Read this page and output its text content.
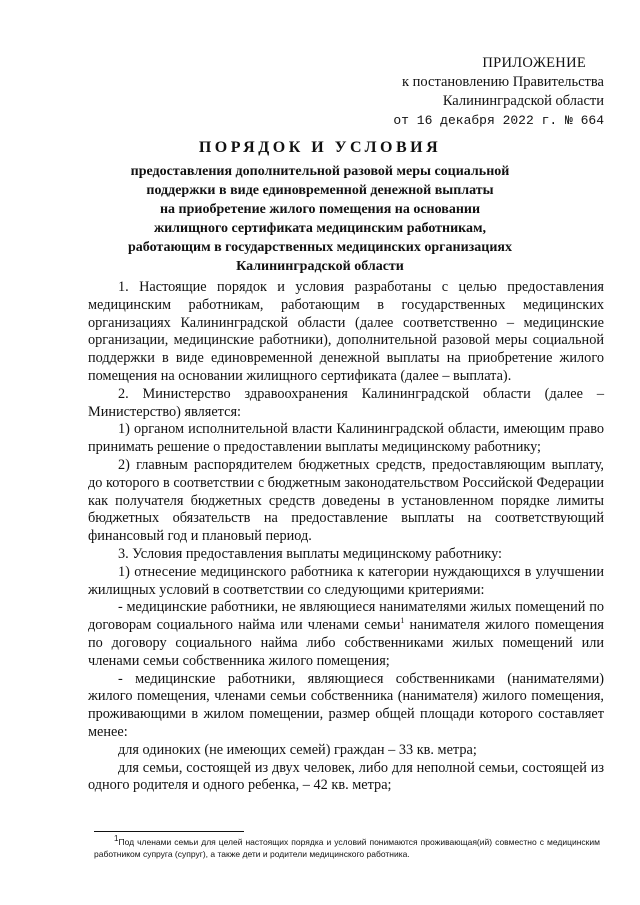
ПРИЛОЖЕНИЕ
к постановлению Правительства
Калининградской области
от 16 декабря 2022 г. № 664
ПОРЯДОК И УСЛОВИЯ
предоставления дополнительной разовой меры социальной
поддержки в виде единовременной денежной выплаты
на приобретение жилого помещения на основании
жилищного сертификата медицинским работникам,
работающим в государственных медицинских организациях
Калининградской области

1. Настоящие порядок и условия разработаны с целью предоставления медицинским работникам, работающим в государственных медицинских организациях Калининградской области (далее соответственно – медицинские организации, медицинские работники), дополнительной разовой меры социальной поддержки в виде единовременной денежной выплаты на приобретение жилого помещения на основании жилищного сертификата (далее – выплата).

2. Министерство здравоохранения Калининградской области (далее – Министерство) является:

1) органом исполнительной власти Калининградской области, имеющим право принимать решение о предоставлении выплаты медицинскому работнику;

2) главным распорядителем бюджетных средств, предоставляющим выплату, до которого в соответствии с бюджетным законодательством Российской Федерации как получателя бюджетных средств доведены в установленном порядке лимиты бюджетных обязательств на предоставление выплаты на соответствующий финансовый год и плановый период.

3. Условия предоставления выплаты медицинскому работнику:

1) отнесение медицинского работника к категории нуждающихся в улучшении жилищных условий в соответствии со следующими критериями:

- медицинские работники, не являющиеся нанимателями жилых помещений по договорам социального найма или членами семьи$^1$ нанимателя жилого помещения по договору социального найма либо собственниками жилых помещений или членами семьи собственника жилого помещения;

- медицинские работники, являющиеся собственниками (нанимателями) жилого помещения, членами семьи собственника (нанимателя) жилого помещения, проживающими в жилом помещении, размер общей площади которого составляет менее:

для одиноких (не имеющих семей) граждан – 33 кв. метра;

для семьи, состоящей из двух человек, либо для неполной семьи, состоящей из одного родителя и одного ребенка, – 42 кв. метра;

$^1$Под членами семьи для целей настоящих порядка и условий понимаются проживающая(ий) совместно с медицинским работником супруга (супруг), а также дети и родители медицинского работника.
